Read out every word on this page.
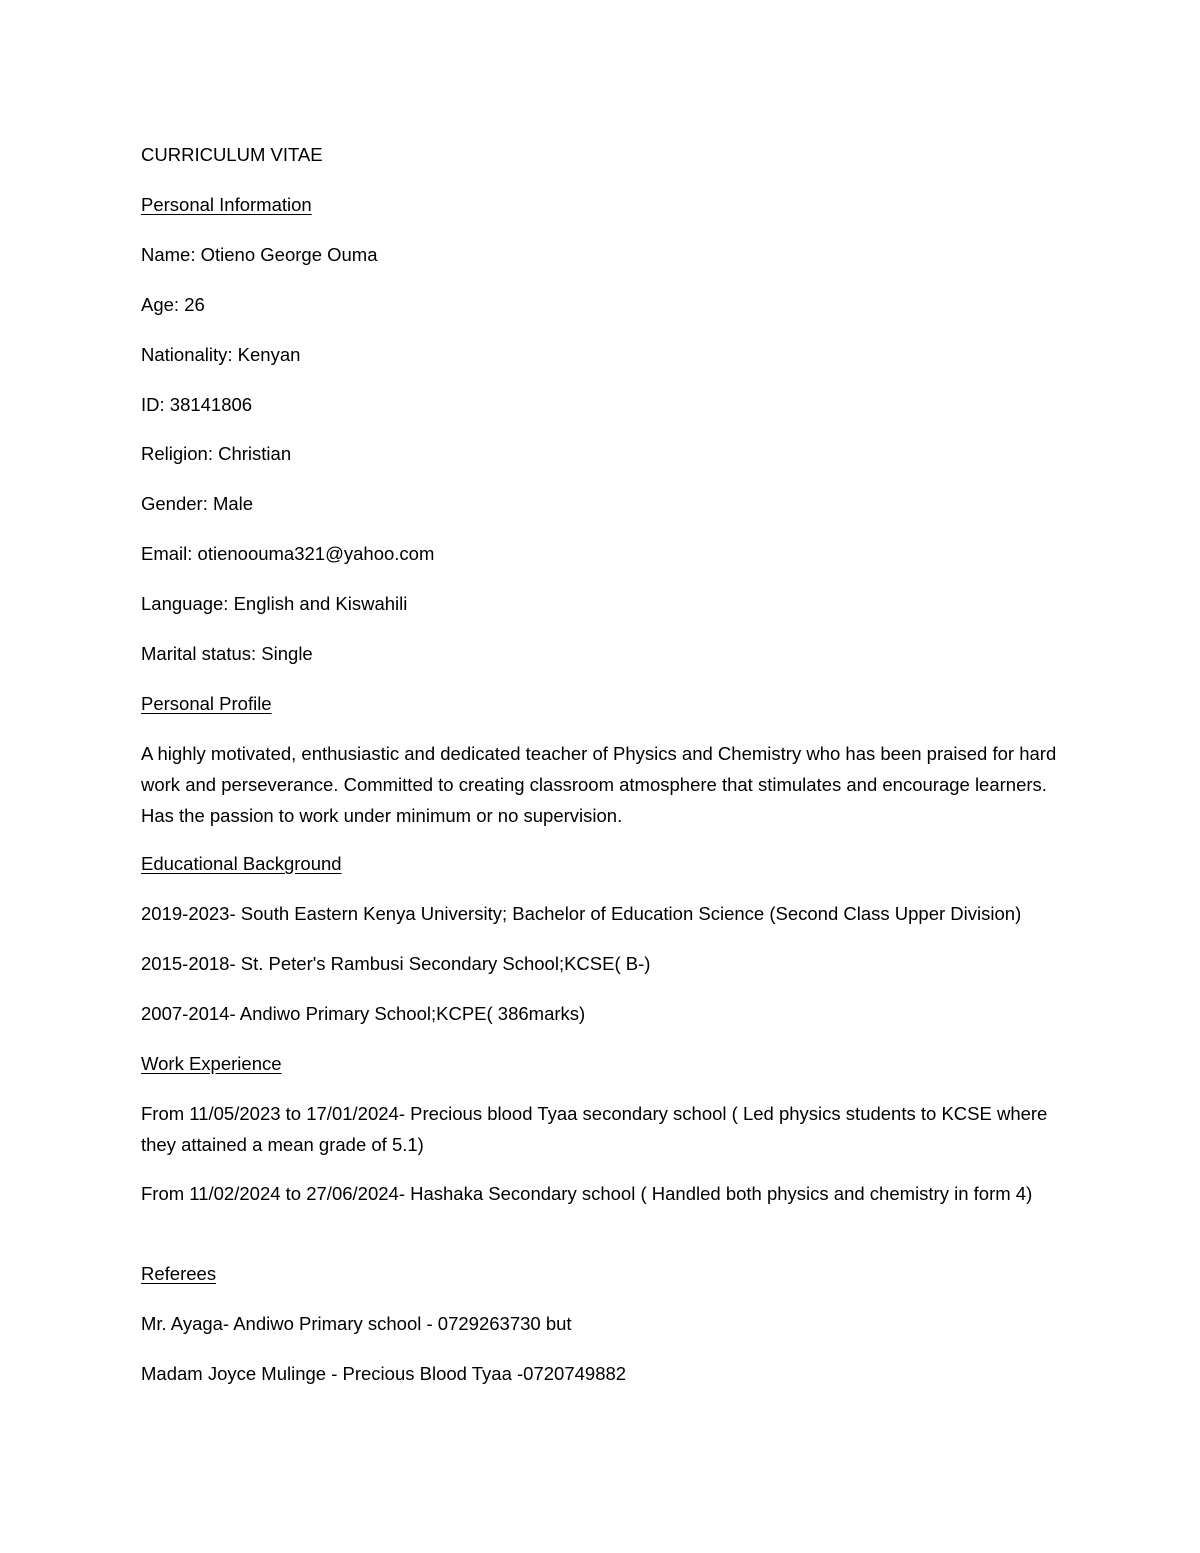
CURRICULUM VITAE

Personal Information

Name: Otieno George Ouma

Age: 26

Nationality: Kenyan

ID: 38141806

Religion: Christian

Gender: Male

Email: otienoouma321@yahoo.com

Language: English and Kiswahili

Marital status: Single

Personal Profile

A highly motivated, enthusiastic and dedicated teacher of Physics and Chemistry who has been praised for hard work and perseverance. Committed to creating classroom atmosphere that stimulates and encourage learners. Has the passion to work under minimum or no supervision.

Educational Background

2019-2023- South Eastern Kenya University; Bachelor of Education Science (Second Class Upper Division)

2015-2018- St. Peter's Rambusi Secondary School;KCSE( B-)

2007-2014- Andiwo Primary School;KCPE( 386marks)

Work Experience

From 11/05/2023 to 17/01/2024- Precious blood Tyaa secondary school ( Led physics students to KCSE where they attained a mean grade of 5.1)

From 11/02/2024 to 27/06/2024- Hashaka Secondary school ( Handled both physics and chemistry in form 4)

Referees

Mr. Ayaga- Andiwo Primary school - 0729263730 but

Madam Joyce Mulinge - Precious Blood Tyaa -0720749882
